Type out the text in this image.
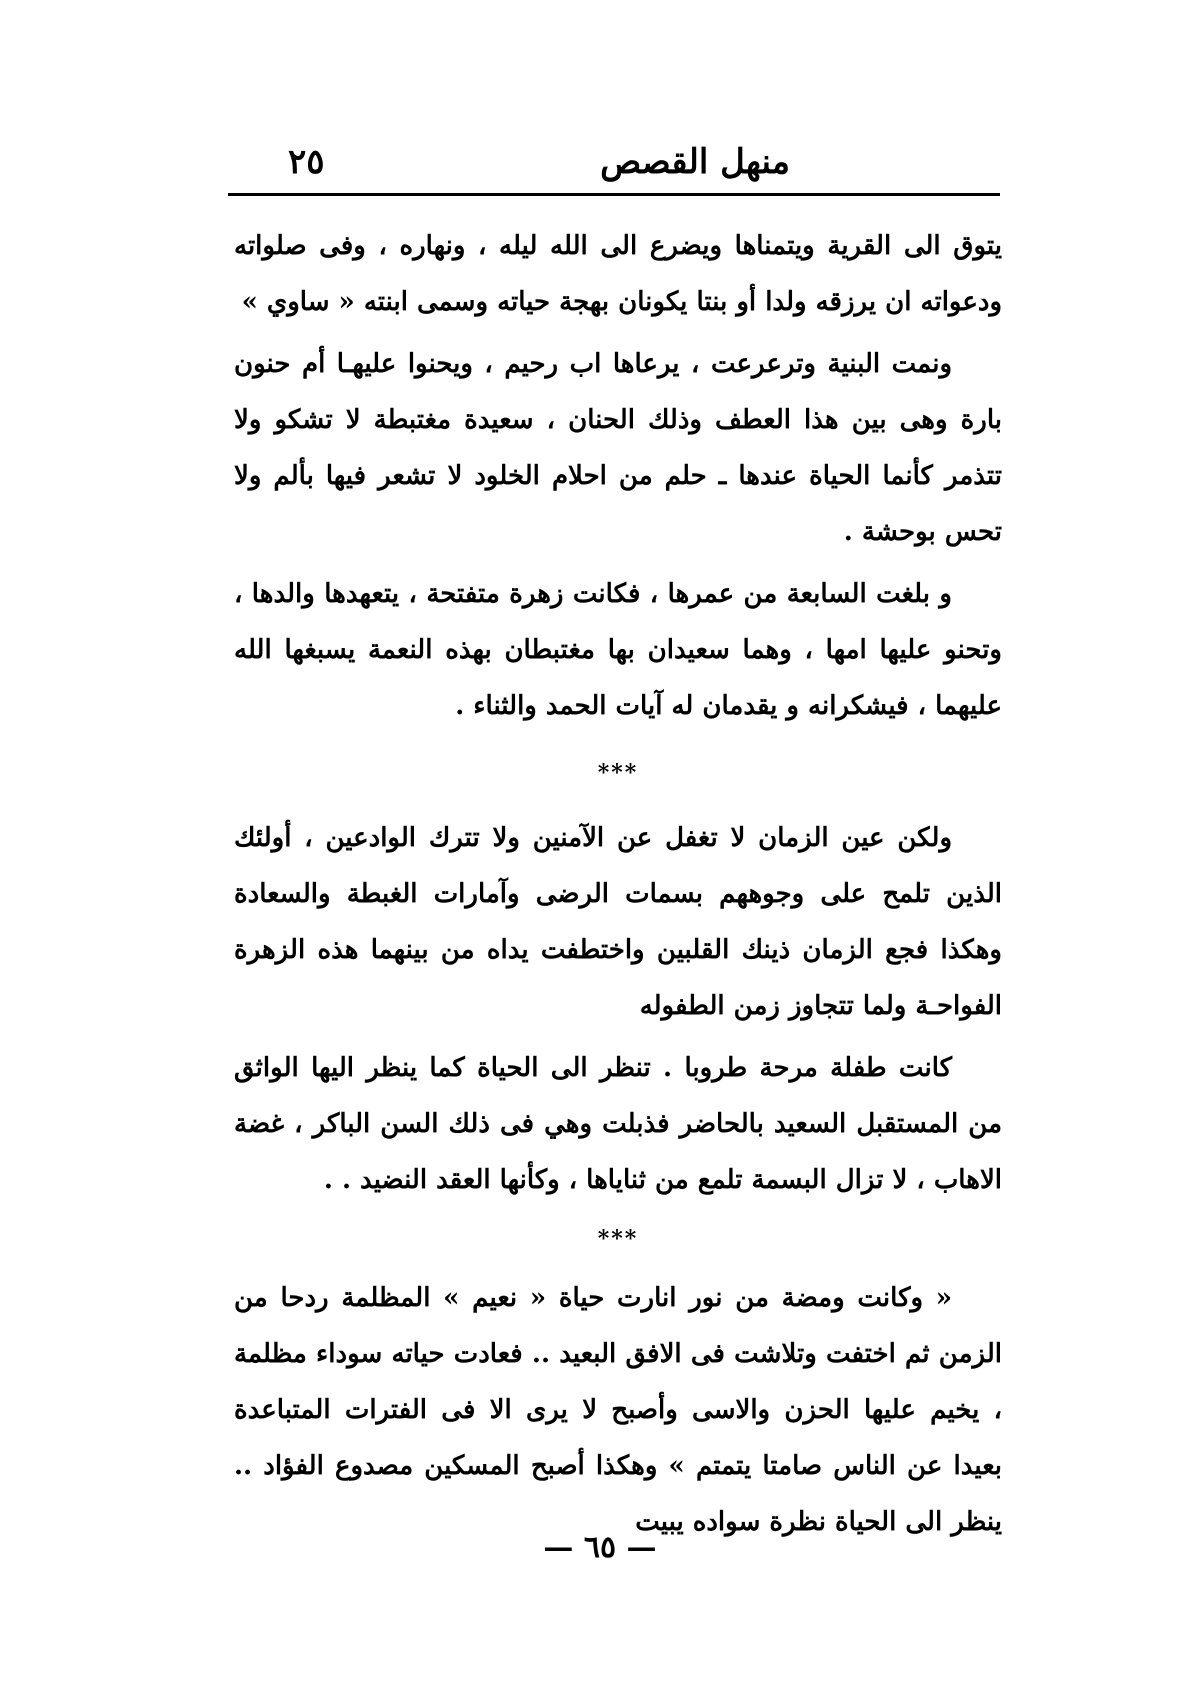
منهل القصص
٢٥

يتوق الى القرية ويتمناها ويضرع الى الله ليله ، ونهاره ، وفى صلواته ودعواته ان يرزقه ولدا أو بنتا يكونان بهجة حياته وسمى ابنته « ساوي »

ونمت البنية وترعرعت ، يرعاها اب رحيم ، ويحنوا عليهـا أم حنون بارة وهى بين هذا العطف وذلك الحنان ، سعيدة مغتبطة لا تشكو ولا تتذمر كأنما الحياة عندها ـ حلم من احلام الخلود لا تشعر فيها بألم ولا تحس بوحشة .

و بلغت السابعة من عمرها ، فكانت زهرة متفتحة ، يتعهدها والدها ، وتحنو عليها امها ، وهما سعيدان بها مغتبطان بهذه النعمة يسبغها الله عليهما ، فيشكرانه و يقدمان له آيات الحمد والثناء .

***

ولكن عين الزمان لا تغفل عن الآمنين ولا تترك الوادعين ، أولئك الذين تلمح على وجوههم بسمات الرضى وآمارات الغبطة والسعادة وهكذا فجع الزمان ذينك القلبين واختطفت يداه من بينهما هذه الزهرة الفواحـة ولما تتجاوز زمن الطفوله

كانت طفلة مرحة طروبا . تنظر الى الحياة كما ينظر اليها الواثق من المستقبل السعيد بالحاضر فذبلت وهي فى ذلك السن الباكر ، غضة الاهاب ، لا تزال البسمة تلمع من ثناياها ، وكأنها العقد النضيد . .

***

« وكانت ومضة من نور انارت حياة « نعيم » المظلمة ردحا من الزمن ثم اختفت وتلاشت فى الافق البعيد .. فعادت حياته سوداء مظلمة ، يخيم عليها الحزن والاسى وأصبح لا يرى الا فى الفترات المتباعدة بعيدا عن الناس صامتا يتمتم » وهكذا أصبح المسكين مصدوع الفؤاد .. ينظر الى الحياة نظرة سواده يبيت

— ٦٥ —
